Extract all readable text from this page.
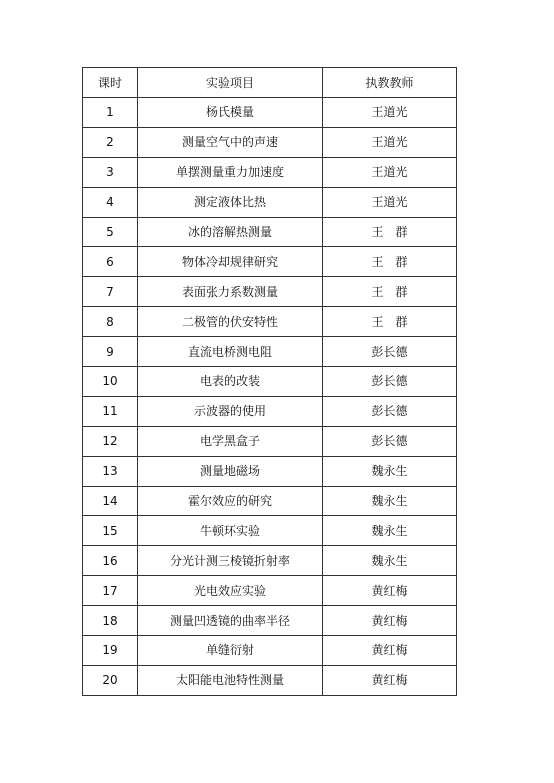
课时	实验项目	执教教师
1	杨氏模量	王道光
2	测量空气中的声速	王道光
3	单摆测量重力加速度	王道光
4	测定液体比热	王道光
5	冰的溶解热测量	王　群
6	物体冷却规律研究	王　群
7	表面张力系数测量	王　群
8	二极管的伏安特性	王　群
9	直流电桥测电阻	彭长德
10	电表的改装	彭长德
11	示波器的使用	彭长德
12	电学黑盒子	彭长德
13	测量地磁场	魏永生
14	霍尔效应的研究	魏永生
15	牛顿环实验	魏永生
16	分光计测三棱镜折射率	魏永生
17	光电效应实验	黄红梅
18	测量凹透镜的曲率半径	黄红梅
19	单缝衍射	黄红梅
20	太阳能电池特性测量	黄红梅
